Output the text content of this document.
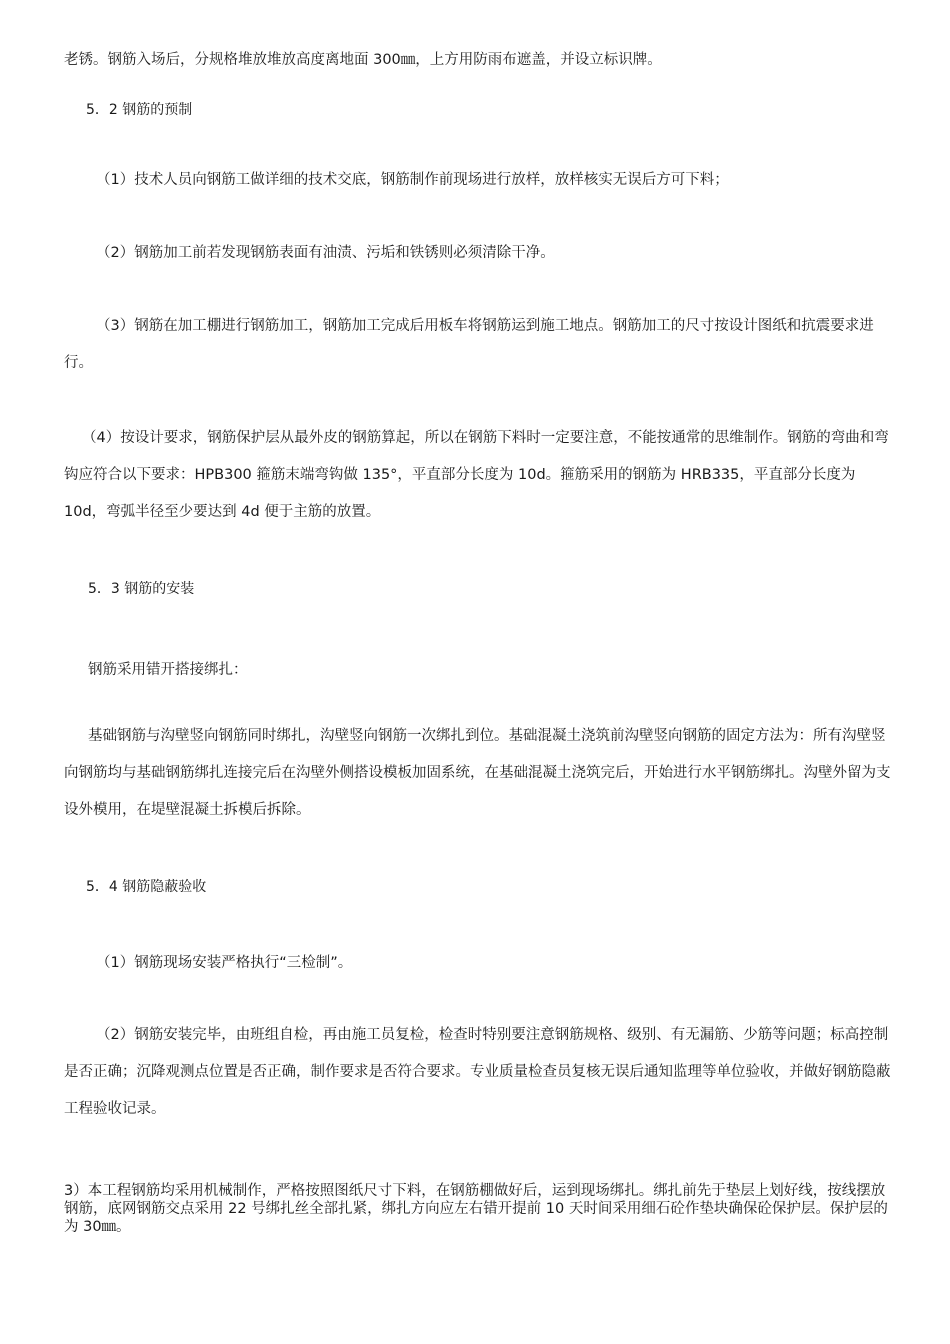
老锈。钢筋入场后，分规格堆放堆放高度离地面 300㎜，上方用防雨布遮盖，并设立标识牌。
5．2 钢筋的预制
（1）技术人员向钢筋工做详细的技术交底，钢筋制作前现场进行放样，放样核实无误后方可下料；
（2）钢筋加工前若发现钢筋表面有油渍、污垢和铁锈则必须清除干净。

（3）钢筋在加工棚进行钢筋加工，钢筋加工完成后用板车将钢筋运到施工地点。钢筋加工的尺寸按设计图纸和抗震要求进行。

（4）按设计要求，钢筋保护层从最外皮的钢筋算起，所以在钢筋下料时一定要注意，不能按通常的思维制作。钢筋的弯曲和弯钩应符合以下要求：HPB300 箍筋末端弯钩做 135°，平直部分长度为 10d。箍筋采用的钢筋为 HRB335，平直部分长度为 10d，弯弧半径至少要达到 4d 便于主筋的放置。

5．3 钢筋的安装
钢筋采用错开搭接绑扎：

基础钢筋与沟壁竖向钢筋同时绑扎，沟壁竖向钢筋一次绑扎到位。基础混凝土浇筑前沟壁竖向钢筋的固定方法为：所有沟壁竖向钢筋均与基础钢筋绑扎连接完后在沟壁外侧搭设模板加固系统，在基础混凝土浇筑完后，开始进行水平钢筋绑扎。沟壁外留为支设外模用，在堤壁混凝土拆模后拆除。

5．4 钢筋隐蔽验收
（1）钢筋现场安装严格执行“三检制”。

（2）钢筋安装完毕，由班组自检，再由施工员复检，检查时特别要注意钢筋规格、级别、有无漏筋、少筋等问题；标高控制是否正确；沉降观测点位置是否正确，制作要求是否符合要求。专业质量检查员复核无误后通知监理等单位验收，并做好钢筋隐蔽工程验收记录。

3）本工程钢筋均采用机械制作，严格按照图纸尺寸下料，在钢筋棚做好后，运到现场绑扎。绑扎前先于垫层上划好线，按线摆放钢筋，底网钢筋交点采用 22 号绑扎丝全部扎紧，绑扎方向应左右错开提前 10 天时间采用细石砼作垫块确保砼保护层。保护层的为 30㎜。
